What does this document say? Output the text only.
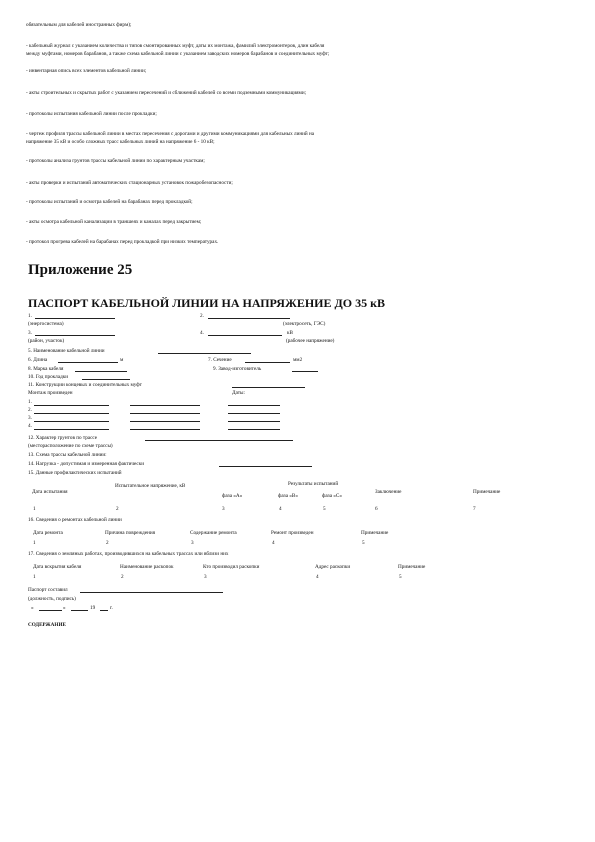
обязательным для кабелей иностранных фирм);
- кабельный журнал с указанием количества и типов смонтированных муфт, даты их монтажа, фамилий электромонтеров, длин кабеля
между муфтами, номеров барабанов, а также схема кабельной линии с указанием заводских номеров барабанов и соединительных муфт;
- инвентарная опись всех элементов кабельной линии;
- акты строительных и скрытых работ с указанием пересечений и сближений кабелей со всеми подземными коммуникациями;
- протоколы испытания кабельной линии после прокладки;
- чертеж профиля трассы кабельной линии в местах пересечения с дорогами и другими коммуникациями для кабельных линий на
напряжение 35 кВ и особо сложных трасс кабельных линий на напряжение 6 - 10 кВ;
- протоколы анализа грунтов трассы кабельной линии по характерным участкам;
- акты проверки и испытаний автоматических стационарных установок пожаробезопасности;
- протоколы испытаний и осмотра кабелей на барабанах перед прокладкой;
- акты осмотра кабельной канализации в траншеях и каналах перед закрытием;
- протокол прогрева кабелей на барабанах перед прокладкой при низких температурах.
Приложение 25
ПАСПОРТ КАБЕЛЬНОЙ ЛИНИИ НА НАПРЯЖЕНИЕ ДО 35 кВ
1.	2.
(энергосистема)	(электросеть, ГЭС)
3.	4.	кВ
(район, участок)	(рабочее напряжение)
5. Наименование кабельной линии
6. Длина	м	7. Сечение	мм2
8. Марка кабеля	9. Завод-изготовитель
10. Год прокладки
11. Конструкции концевых и соединительных муфт
Монтаж произведен	Даты:
1.
2.
3.
4.
12. Характер грунтов по трассе
(месторасположение по схеме трассы)
13. Схема трассы кабельной линии:
14. Нагрузка - допустимая и измеренная фактически
15. Данные профилактических испытаний
Дата испытания
Испытательное напряжение, кВ	Результаты испытаний
фаза «А»	фаза «В»	фаза «С»
Заключение	Примечание
1	2	3	4	5	6	7
16. Сведения о ремонтах кабельной линии
Дата ремонта	Причина повреждения	Содержание ремонта	Ремонт произведен	Примечание
1	2	3	4	5
17. Сведения о земляных работах, производившихся на кабельных трассах или вблизи них
Дата вскрытия кабеля	Наименование раскопок	Кто производил раскопки	Адрес раскопки	Примечание
1	2	3	4	5
Паспорт составил
(должность, подпись)
«	»	19	г.
СОДЕРЖАНИЕ
